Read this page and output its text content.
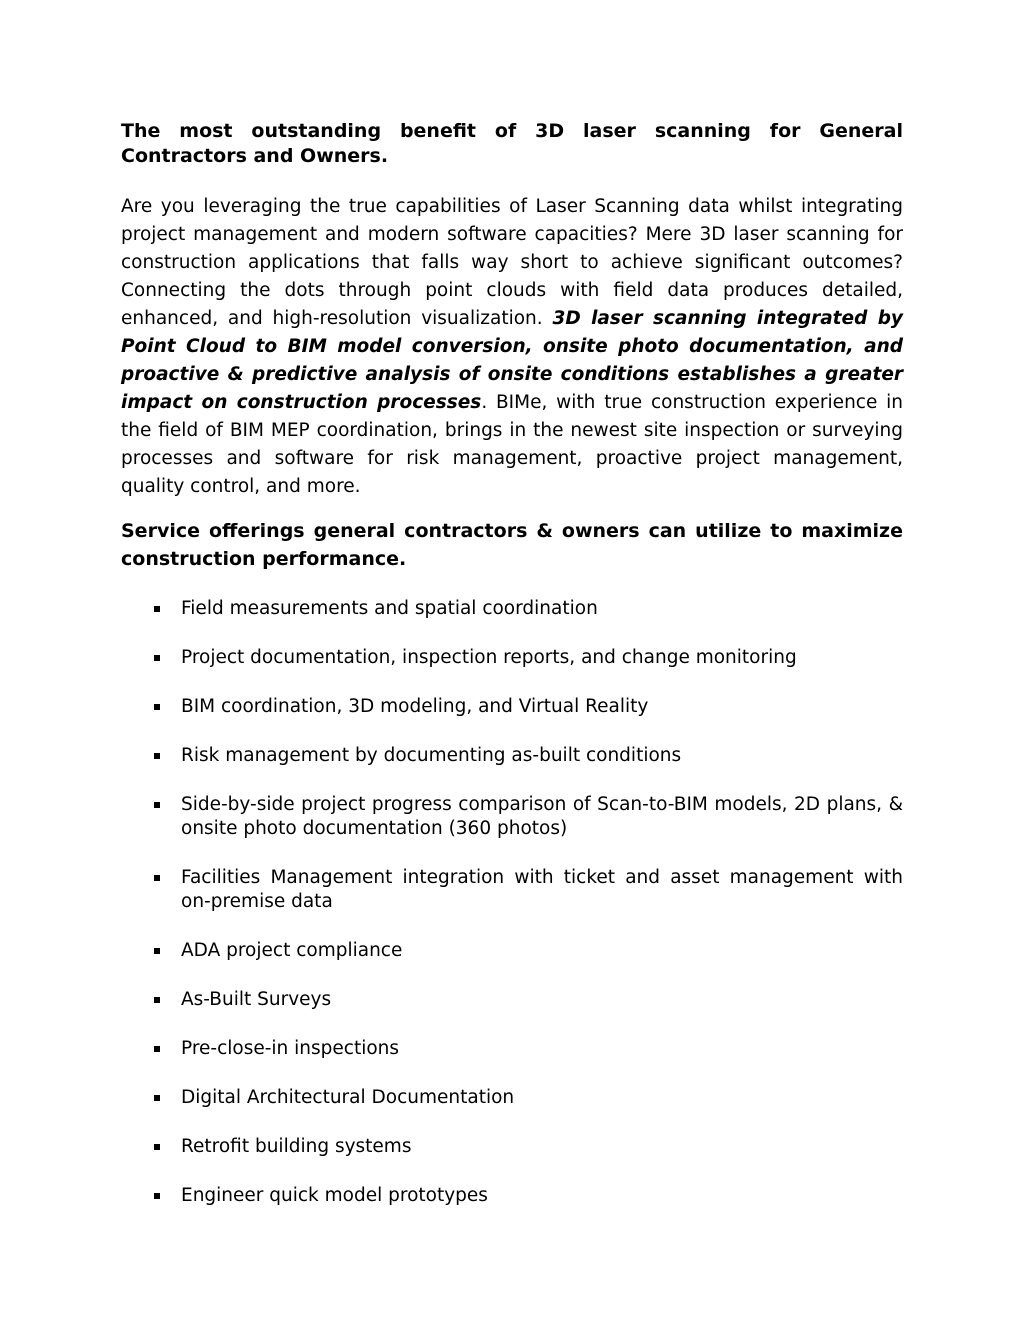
The most outstanding benefit of 3D laser scanning for General Contractors and Owners.

Are you leveraging the true capabilities of Laser Scanning data whilst integrating project management and modern software capacities? Mere 3D laser scanning for construction applications that falls way short to achieve significant outcomes? Connecting the dots through point clouds with field data produces detailed, enhanced, and high-resolution visualization. 3D laser scanning integrated by Point Cloud to BIM model conversion, onsite photo documentation, and proactive & predictive analysis of onsite conditions establishes a greater impact on construction processes. BIMe, with true construction experience in the field of BIM MEP coordination, brings in the newest site inspection or surveying processes and software for risk management, proactive project management, quality control, and more.

Service offerings general contractors & owners can utilize to maximize construction performance.

Field measurements and spatial coordination
Project documentation, inspection reports, and change monitoring
BIM coordination, 3D modeling, and Virtual Reality
Risk management by documenting as-built conditions
Side-by-side project progress comparison of Scan-to-BIM models, 2D plans, & onsite photo documentation (360 photos)
Facilities Management integration with ticket and asset management with on-premise data
ADA project compliance
As-Built Surveys
Pre-close-in inspections
Digital Architectural Documentation
Retrofit building systems
Engineer quick model prototypes
